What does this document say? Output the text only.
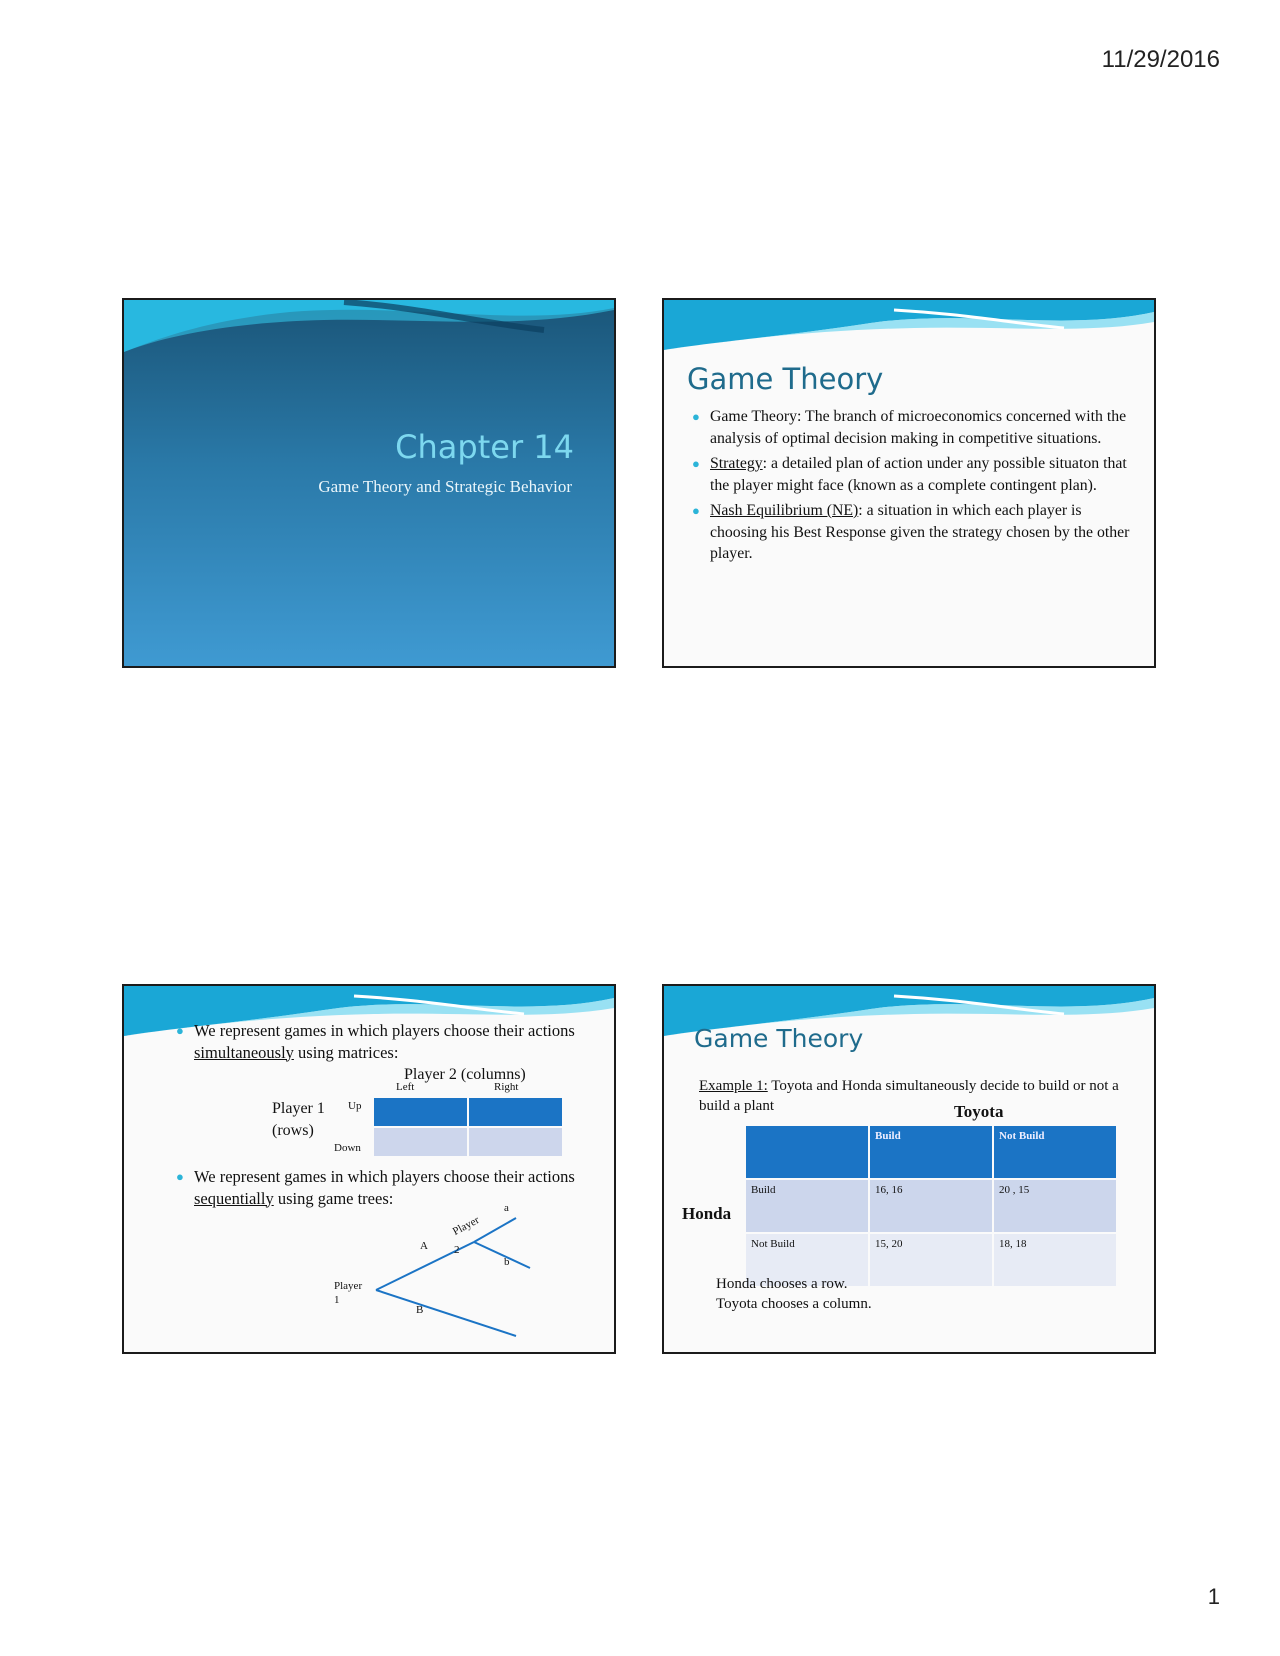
11/29/2016
Chapter 14
Game Theory and Strategic Behavior
Game Theory
● Game Theory: The branch of microeconomics concerned with the analysis of optimal decision making in competitive situations.
● Strategy: a detailed plan of action under any possible situaton that the player might face (known as a complete contingent plan).
● Nash Equilibrium (NE): a situation in which each player is choosing his Best Response given the strategy chosen by the other player.
● We represent games in which players choose their actions simultaneously using matrices:
Player 2 (columns)
Left	Right
Player 1
(rows)
Up
Down
● We represent games in which players choose their actions sequentially using game trees:
Player
1
Player
2
A
B
a
b
Game Theory
Example 1: Toyota and Honda simultaneously decide to build or not a build a plant	Toyota
Honda
	Build	Not Build
Build	16, 16	20 , 15
Not Build	15, 20	18, 18
Honda chooses a row.
Toyota chooses a column.
1
